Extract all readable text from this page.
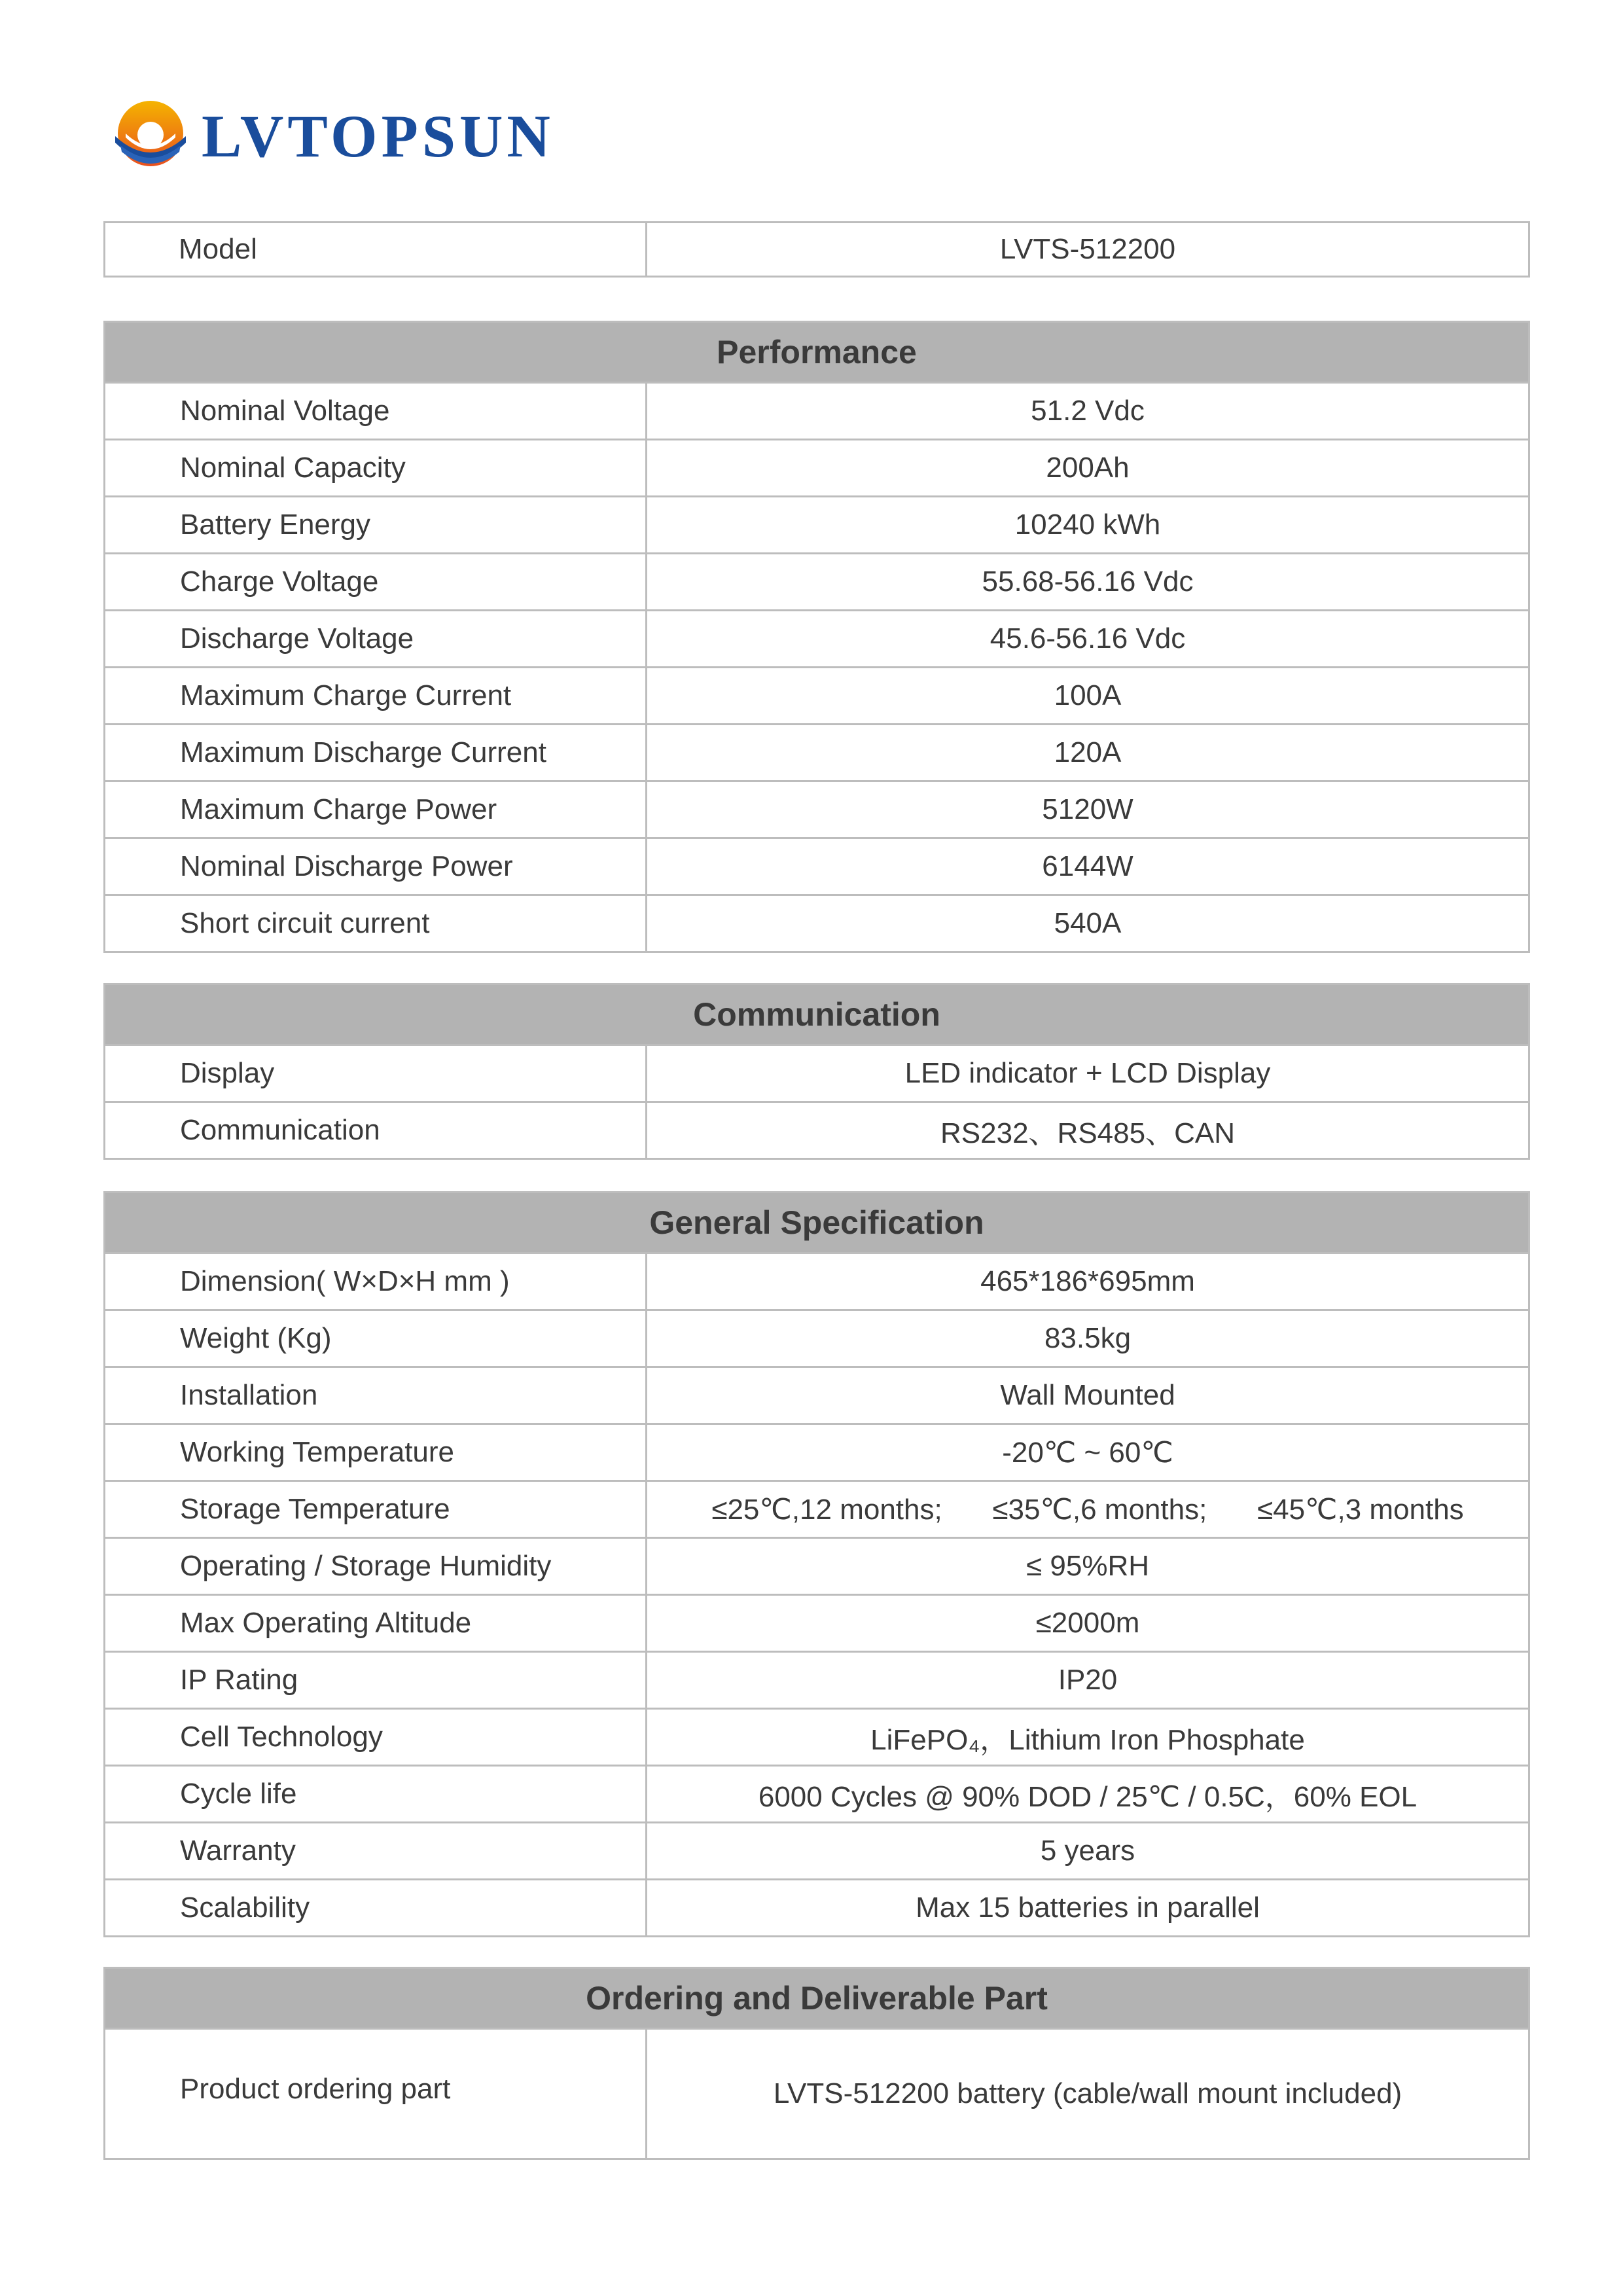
LVTOPSUN
Model	LVTS-512200
Performance
Nominal Voltage	51.2 Vdc
Nominal Capacity	200Ah
Battery Energy	10240 kWh
Charge Voltage	55.68-56.16 Vdc
Discharge Voltage	45.6-56.16 Vdc
Maximum Charge Current	100A
Maximum Discharge Current	120A
Maximum Charge Power	5120W
Nominal Discharge Power	6144W
Short circuit current	540A
Communication
Display	LED indicator + LCD Display
Communication	RS232、RS485、CAN
General Specification
Dimension( W×D×H mm )	465*186*695mm
Weight (Kg)	83.5kg
Installation	Wall Mounted
Working Temperature	-20℃ ~ 60℃
Storage Temperature	≤25℃,12 months; ≤35℃,6 months; ≤45℃,3 months
Operating / Storage Humidity	≤ 95%RH
Max Operating Altitude	≤2000m
IP Rating	IP20
Cell Technology	LiFePO₄，Lithium Iron Phosphate
Cycle life	6000 Cycles @ 90% DOD / 25℃ / 0.5C，60% EOL
Warranty	5 years
Scalability	Max 15 batteries in parallel
Ordering and Deliverable Part
Product ordering part	LVTS-512200 battery (cable/wall mount included)
